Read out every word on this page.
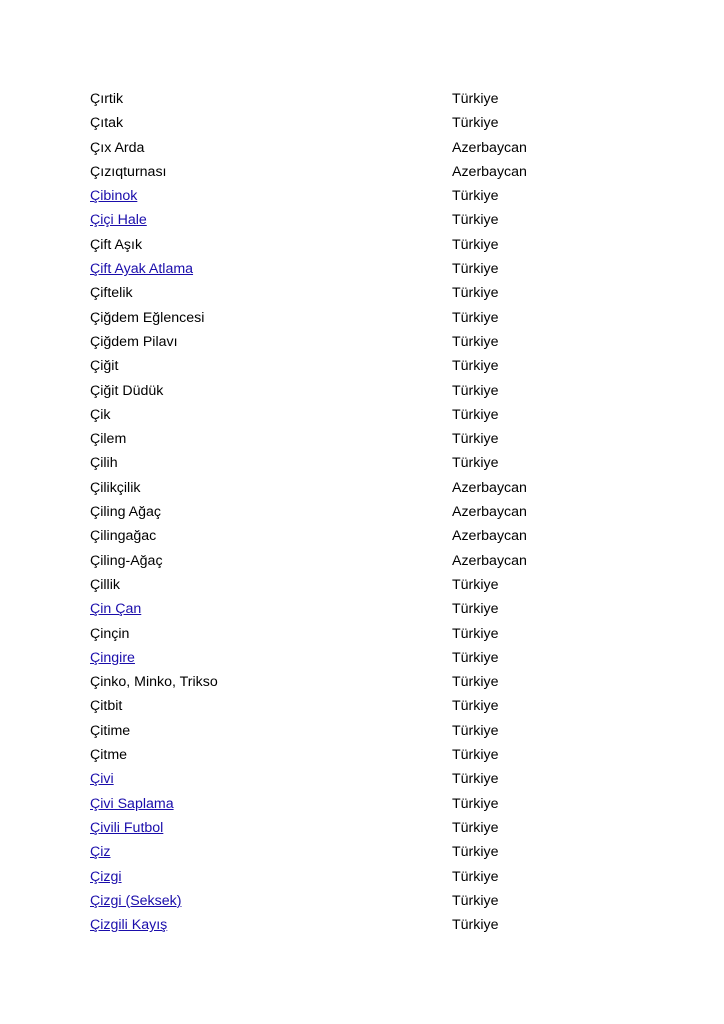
Çırtik	Türkiye
Çıtak	Türkiye
Çıx Arda	Azerbaycan
Çızıqturnası	Azerbaycan
Çibinok	Türkiye
Çiçi Hale	Türkiye
Çift Aşık	Türkiye
Çift Ayak Atlama	Türkiye
Çiftelik	Türkiye
Çiğdem Eğlencesi	Türkiye
Çiğdem Pilavı	Türkiye
Çiğit	Türkiye
Çiğit Düdük	Türkiye
Çik	Türkiye
Çilem	Türkiye
Çilih	Türkiye
Çilikçilik	Azerbaycan
Çiling Ağaç	Azerbaycan
Çilingağac	Azerbaycan
Çiling-Ağaç	Azerbaycan
Çillik	Türkiye
Çin Çan	Türkiye
Çinçin	Türkiye
Çingire	Türkiye
Çinko, Minko, Trikso	Türkiye
Çitbit	Türkiye
Çitime	Türkiye
Çitme	Türkiye
Çivi	Türkiye
Çivi Saplama	Türkiye
Çivili Futbol	Türkiye
Çiz	Türkiye
Çizgi	Türkiye
Çizgi (Seksek)	Türkiye
Çizgili Kayış	Türkiye
